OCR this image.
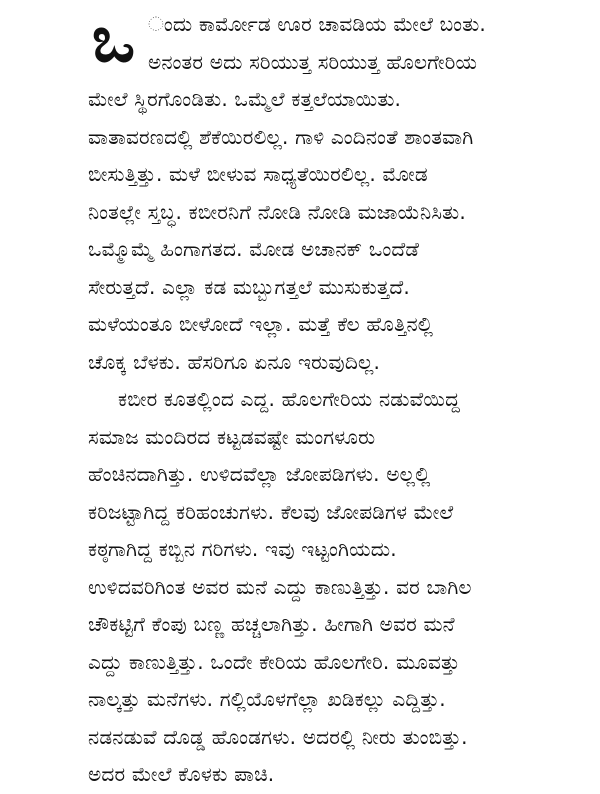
ಒ ಂದು ಕಾರ್ಮೋಡ ಊರ ಚಾವಡಿಯ ಮೇಲೆ ಬಂತು.
ಅನಂತರ ಅದು ಸರಿಯುತ್ತ ಸರಿಯುತ್ತ ಹೊಲಗೇರಿಯ
ಮೇಲೆ ಸ್ಥಿರಗೊಂಡಿತು. ಒಮ್ಮೆಲೆ ಕತ್ತಲೆಯಾಯಿತು.
ವಾತಾವರಣದಲ್ಲಿ ಶೆಕೆಯಿರಲಿಲ್ಲ. ಗಾಳಿ ಎಂದಿನಂತೆ ಶಾಂತವಾಗಿ
ಬೀಸುತ್ತಿತ್ತು. ಮಳೆ ಬೀಳುವ ಸಾಧ್ಯತೆಯಿರಲಿಲ್ಲ. ಮೋಡ
ನಿಂತಲ್ಲೇ ಸ್ತಬ್ಧ. ಕಬೀರನಿಗೆ ನೋಡಿ ನೋಡಿ ಮಜಾಯೆನಿಸಿತು.
ಒಮ್ಮೊಮ್ಮೆ ಹಿಂಗಾಗತದ. ಮೋಡ ಅಚಾನಕ್ ಒಂದೆಡೆ
ಸೇರುತ್ತದೆ. ಎಲ್ಲಾ ಕಡ ಮಬ್ಬುಗತ್ತಲೆ ಮುಸುಕುತ್ತದೆ.
ಮಳೆಯಂತೂ ಬೀಳೋದೆ ಇಲ್ಲಾ. ಮತ್ತೆ ಕೆಲ ಹೊತ್ತಿನಲ್ಲಿ
ಚೊಕ್ಕ ಬೆಳಕು. ಹೆಸರಿಗೂ ಏನೂ ಇರುವುದಿಲ್ಲ.
ಕಬೀರ ಕೂತಲ್ಲಿಂದ ಎದ್ದ. ಹೊಲಗೇರಿಯ ನಡುವೆಯಿದ್ದ
ಸಮಾಜ ಮಂದಿರದ ಕಟ್ಟಡವಷ್ಟೇ ಮಂಗಳೂರು
ಹೆಂಚಿನದಾಗಿತ್ತು. ಉಳಿದವೆಲ್ಲಾ ಜೋಪಡಿಗಳು. ಅಲ್ಲಲ್ಲಿ
ಕರಿಜಟ್ಟಾಗಿದ್ದ ಕರಿಹಂಚುಗಳು. ಕೆಲವು ಜೋಪಡಿಗಳ ಮೇಲೆ
ಕಠ್ಠಗಾಗಿದ್ದ ಕಬ್ಬಿನ ಗರಿಗಳು. ಇವು ಇಟ್ಟಂಗಿಯದು.
ಉಳಿದವರಿಗಿಂತ ಅವರ ಮನೆ ಎದ್ದು ಕಾಣುತ್ತಿತ್ತು. ವರ ಬಾಗಿಲ
ಚೌಕಟ್ಟಿಗೆ ಕೆಂಪು ಬಣ್ಣ ಹಚ್ಚಲಾಗಿತ್ತು. ಹೀಗಾಗಿ ಅವರ ಮನೆ
ಎದ್ದು ಕಾಣುತ್ತಿತ್ತು. ಒಂದೇ ಕೇರಿಯ ಹೊಲಗೇರಿ. ಮೂವತ್ತು
ನಾಲ್ಕತ್ತು ಮನೆಗಳು. ಗಲ್ಲಿಯೊಳಗೆಲ್ಲಾ ಖಡಿಕಲ್ಲು ಎದ್ದಿತ್ತು.
ನಡನಡುವೆ ದೊಡ್ಡ ಹೊಂಡಗಳು. ಅದರಲ್ಲಿ ನೀರು ತುಂಬಿತ್ತು.
ಅದರ ಮೇಲೆ ಕೊಳಕು ಪಾಚಿ.
